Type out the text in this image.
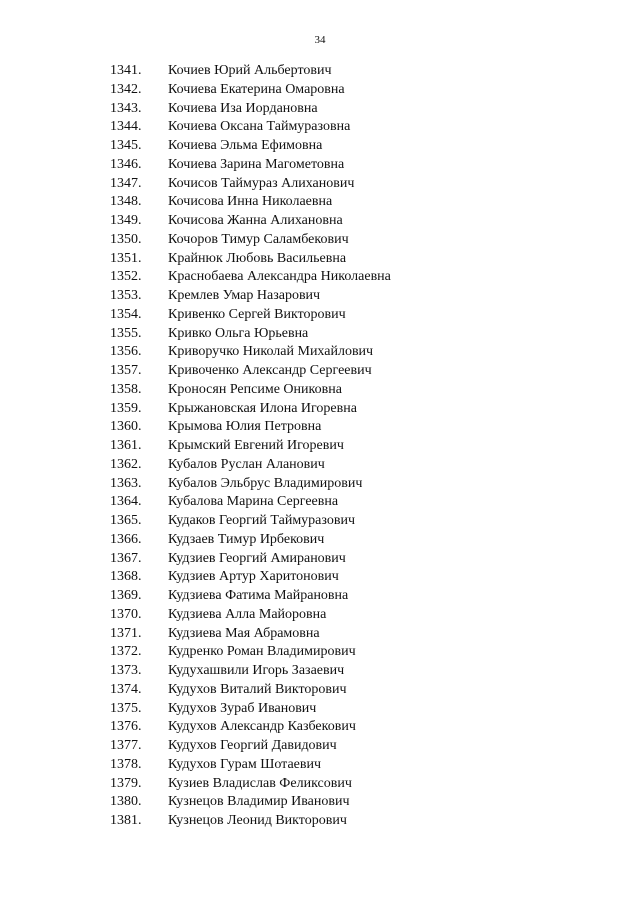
34
1341.	Кочиев Юрий Альбертович
1342.	Кочиева Екатерина Омаровна
1343.	Кочиева Иза Иордановна
1344.	Кочиева Оксана Таймуразовна
1345.	Кочиева Эльма Ефимовна
1346.	Кочиева Зарина Магометовна
1347.	Кочисов Таймураз Алиханович
1348.	Кочисова Инна Николаевна
1349.	Кочисова Жанна Алихановна
1350.	Кочоров Тимур Саламбекович
1351.	Крайнюк Любовь Васильевна
1352.	Краснобаева Александра Николаевна
1353.	Кремлев Умар Назарович
1354.	Кривенко Сергей Викторович
1355.	Кривко Ольга Юрьевна
1356.	Криворучко Николай Михайлович
1357.	Кривоченко Александр Сергеевич
1358.	Кроносян Репсиме Ониковна
1359.	Крыжановская Илона Игоревна
1360.	Крымова Юлия Петровна
1361.	Крымский Евгений Игоревич
1362.	Кубалов Руслан Аланович
1363.	Кубалов Эльбрус Владимирович
1364.	Кубалова Марина Сергеевна
1365.	Кудаков Георгий Таймуразович
1366.	Кудзаев Тимур Ирбекович
1367.	Кудзиев Георгий Амиранович
1368.	Кудзиев Артур Харитонович
1369.	Кудзиева Фатима Майрановна
1370.	Кудзиева Алла Майоровна
1371.	Кудзиева Мая Абрамовна
1372.	Кудренко Роман Владимирович
1373.	Кудухашвили Игорь Зазаевич
1374.	Кудухов Виталий Викторович
1375.	Кудухов Зураб Иванович
1376.	Кудухов Александр Казбекович
1377.	Кудухов Георгий Давидович
1378.	Кудухов Гурам Шотаевич
1379.	Кузиев Владислав Феликсович
1380.	Кузнецов Владимир Иванович
1381.	Кузнецов Леонид Викторович
